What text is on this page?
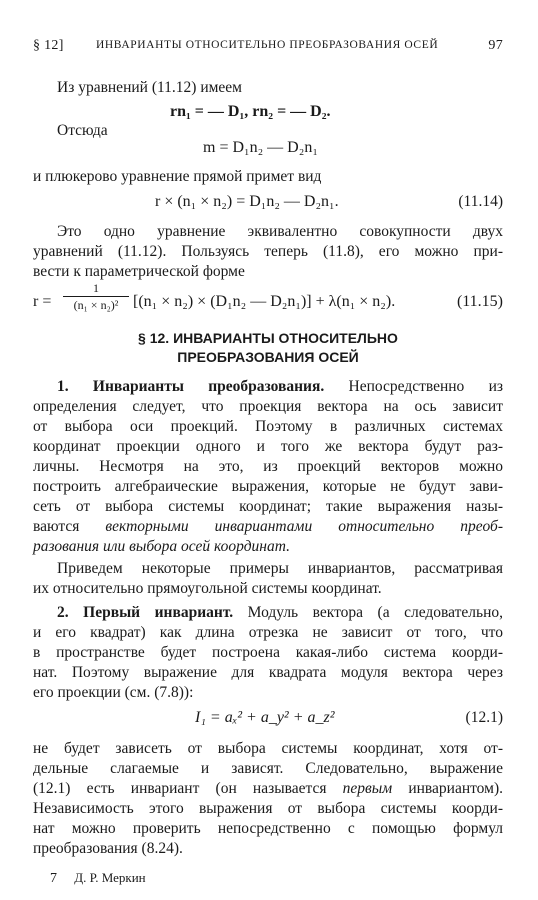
§ 12]	ИНВАРИАНТЫ ОТНОСИТЕЛЬНО ПРЕОБРАЗОВАНИЯ ОСЕЙ	97
Из уравнений (11.12) имеем
rn₁ = — D₁, rn₂ = — D₂.
Отсюда
m = D₁n₂ — D₂n₁
и плюкерово уравнение прямой примет вид
r × (n₁ × n₂) = D₁n₂ — D₂n₁.	(11.14)
Это одно уравнение эквивалентно совокупности двух
уравнений (11.12). Пользуясь теперь (11.8), его можно при-
вести к параметрической форме
r =
1
(n₁ × n₂)² [(n₁ × n₂) × (D₁n₂ — D₂n₁)] + λ(n₁ × n₂).	(11.15)
§ 12. ИНВАРИАНТЫ ОТНОСИТЕЛЬНО
ПРЕОБРАЗОВАНИЯ ОСЕЙ
1. Инварианты преобразования. Непосредственно из
определения следует, что проекция вектора на ось зависит
от выбора оси проекций. Поэтому в различных системах
координат проекции одного и того же вектора будут раз-
личны. Несмотря на это, из проекций векторов можно
построить алгебраические выражения, которые не будут зави-
сеть от выбора системы координат; такие выражения назы-
ваются векторными инвариантами относительно преоб-
разования или выбора осей координат.
Приведем некоторые примеры инвариантов, рассматривая
их относительно прямоугольной системы координат.
2. Первый инвариант. Модуль вектора (а следовательно,
и его квадрат) как длина отрезка не зависит от того, что
в пространстве будет построена какая-либо система коорди-
нат. Поэтому выражение для квадрата модуля вектора через
его проекции (см. (7.8)):
I₁ = aₓ² + a_y² + a_z²	(12.1)
не будет зависеть от выбора системы координат, хотя от-
дельные слагаемые и зависят. Следовательно, выражение
(12.1) есть инвариант (он называется первым инвариантом).
Независимость этого выражения от выбора системы коорди-
нат можно проверить непосредственно с помощью формул
преобразования (8.24).
7 Д. Р. Меркин
